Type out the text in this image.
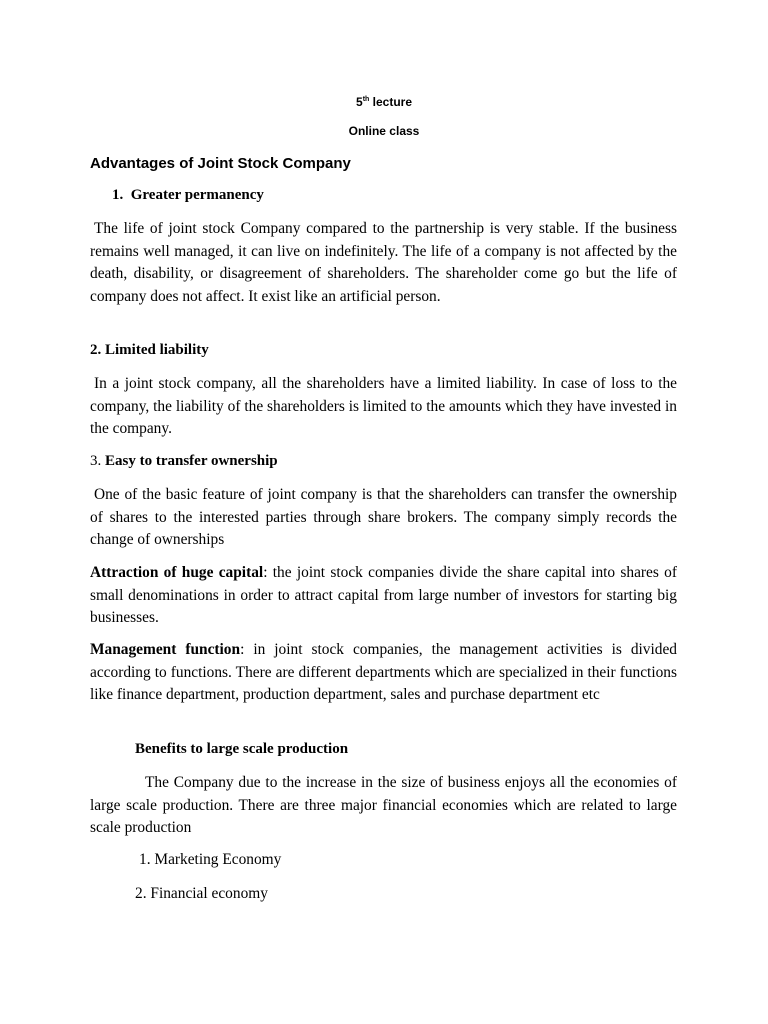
5th lecture
Online class
Advantages of Joint Stock Company
1. Greater permanency
The life of joint stock Company compared to the partnership is very stable. If the business remains well managed, it can live on indefinitely. The life of a company is not affected by the death, disability, or disagreement of shareholders. The shareholder come go but the life of company does not affect. It exist like an artificial person.
2. Limited liability
In a joint stock company, all the shareholders have a limited liability. In case of loss to the company, the liability of the shareholders is limited to the amounts which they have invested in the company.
3. Easy to transfer ownership
One of the basic feature of joint company is that the shareholders can transfer the ownership of shares to the interested parties through share brokers. The company simply records the change of ownerships
Attraction of huge capital: the joint stock companies divide the share capital into shares of small denominations in order to attract capital from large number of investors for starting big businesses.
Management function: in joint stock companies, the management activities is divided according to functions. There are different departments which are specialized in their functions like finance department, production department, sales and purchase department etc
Benefits to large scale production
The Company due to the increase in the size of business enjoys all the economies of large scale production. There are three major financial economies which are related to large scale production
1. Marketing Economy
2. Financial economy
